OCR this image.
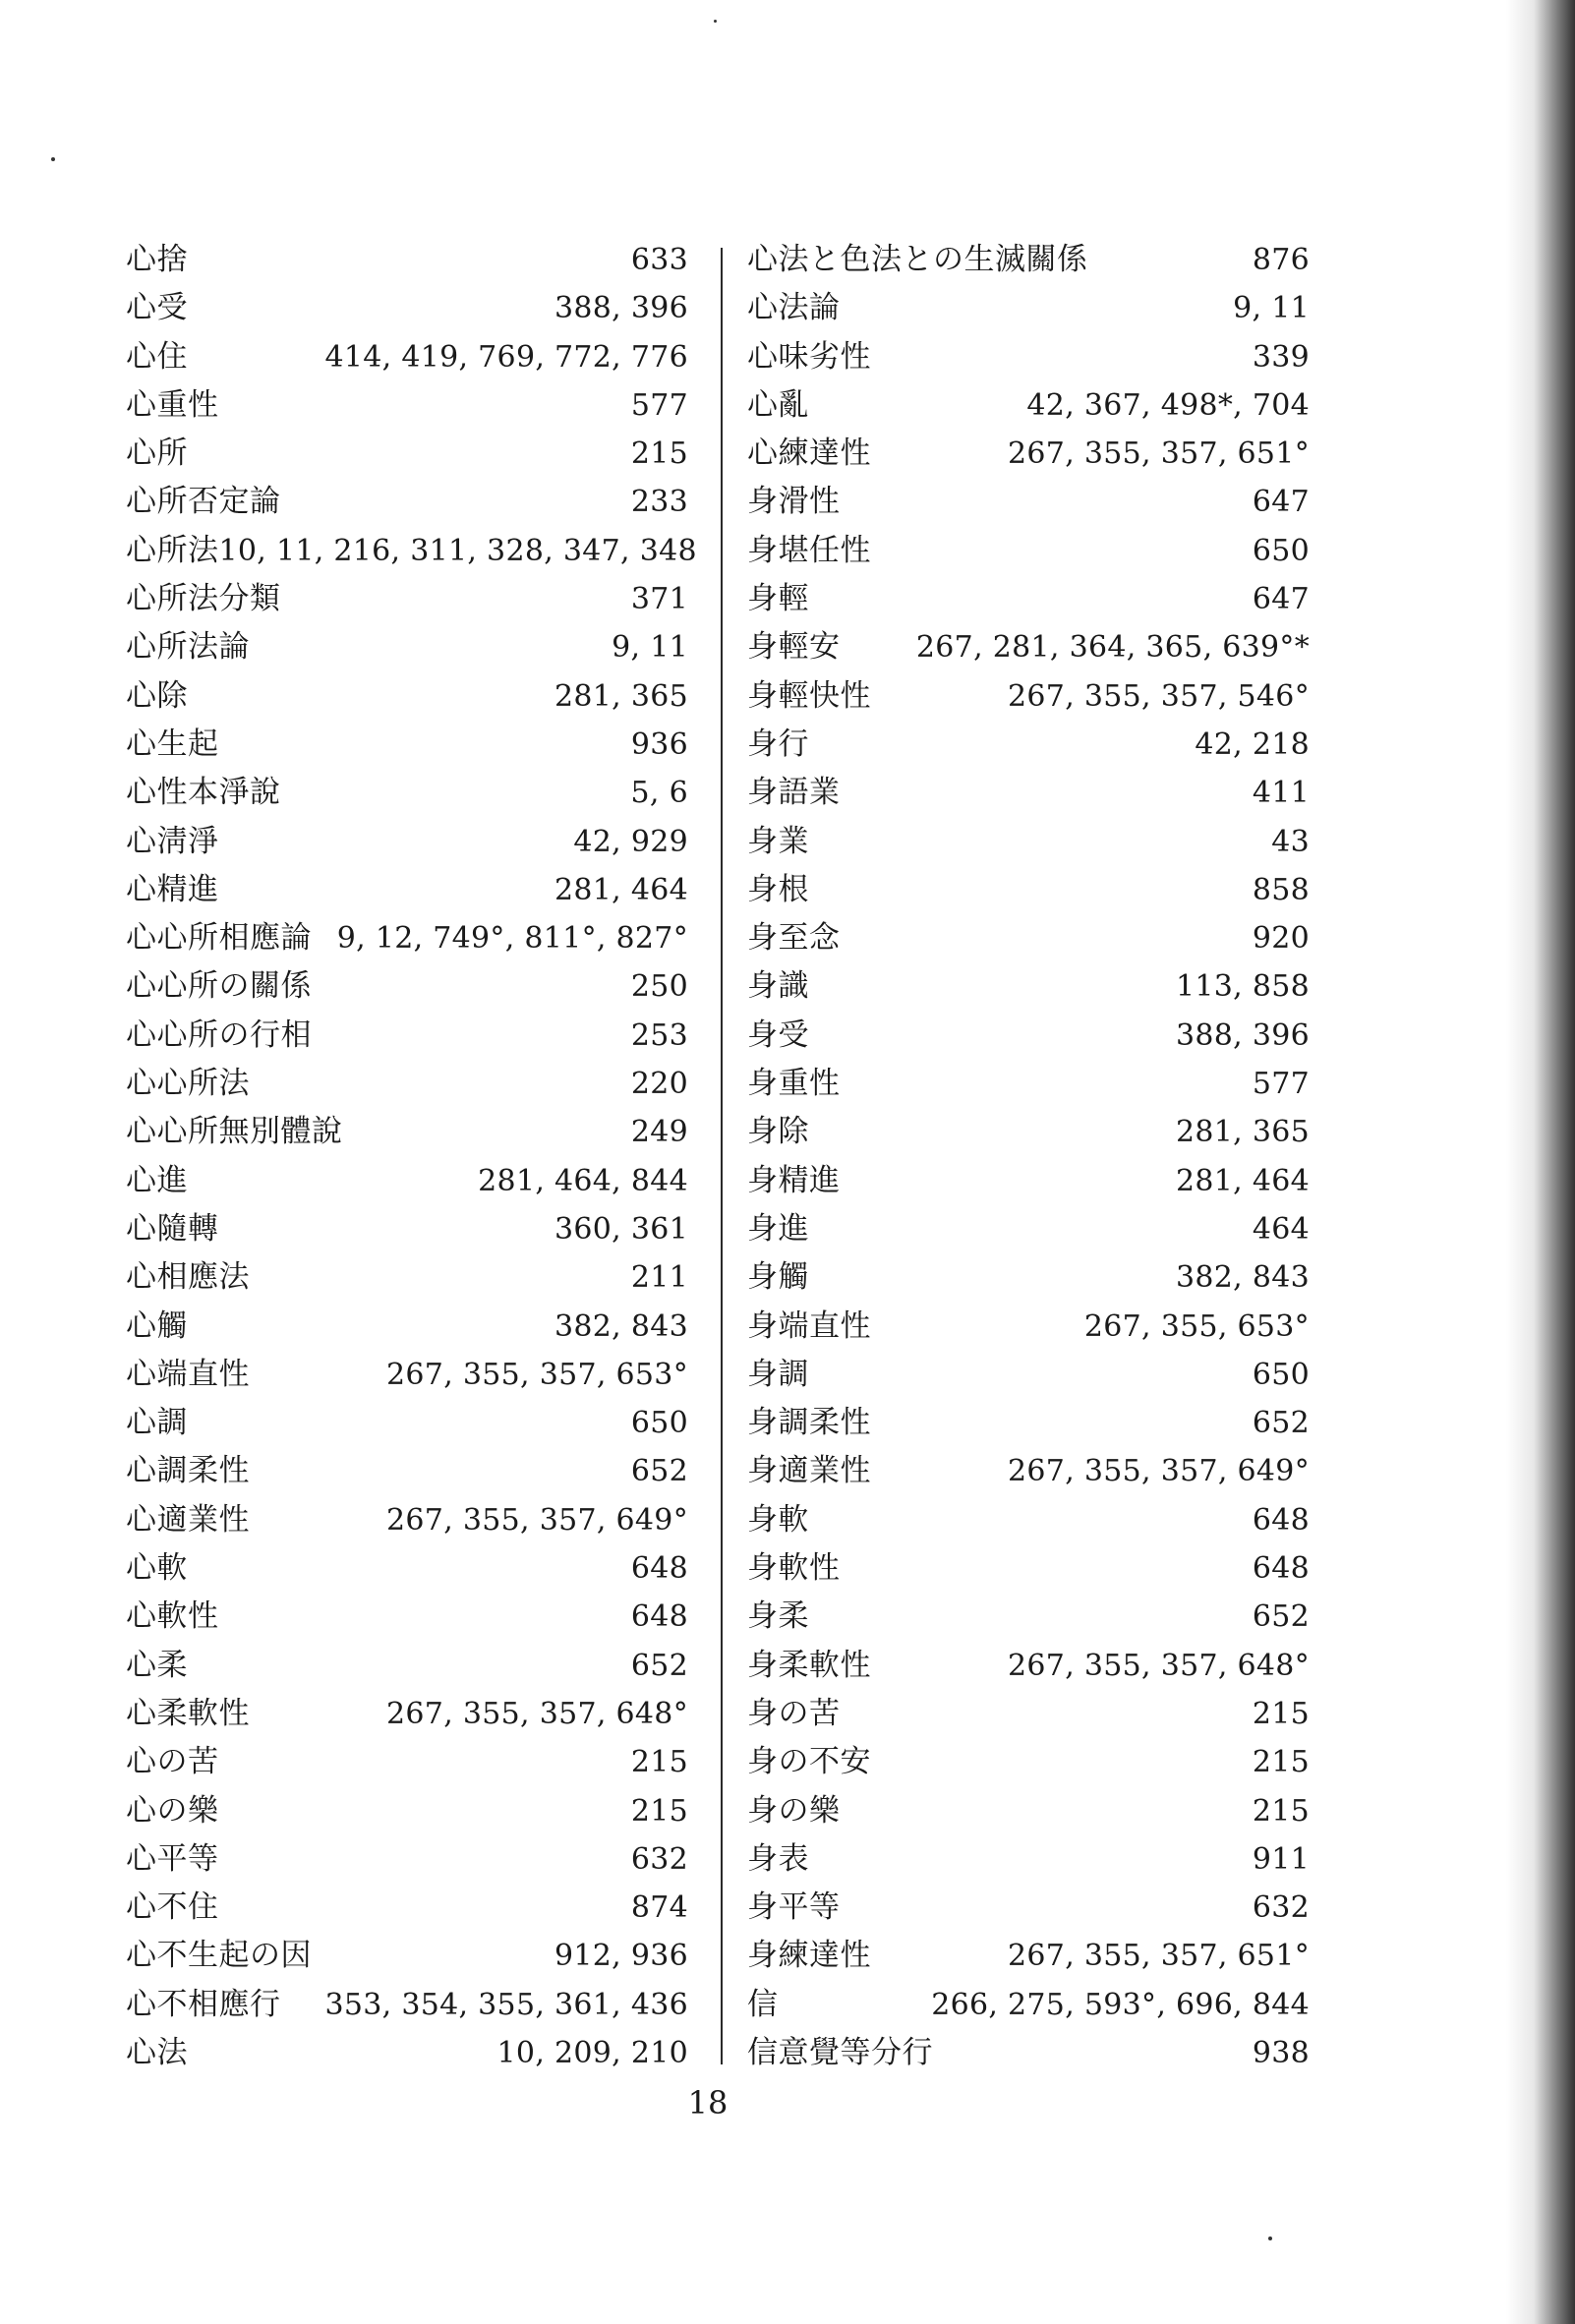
心捨	633
心受	388, 396
心住	414, 419, 769, 772, 776
心重性	577
心所	215
心所否定論	233
心所法 10, 11, 216, 311, 328, 347, 348
心所法分類	371
心所法論	9, 11
心除	281, 365
心生起	936
心性本淨說	5, 6
心淸淨	42, 929
心精進	281, 464
心心所相應論 9, 12, 749°, 811°, 827°
心心所の關係	250
心心所の行相	253
心心所法	220
心心所無別體說	249
心進	281, 464, 844
心隨轉	360, 361
心相應法	211
心觸	382, 843
心端直性	267, 355, 357, 653°
心調	650
心調柔性	652
心適業性	267, 355, 357, 649°
心軟	648
心軟性	648
心柔	652
心柔軟性	267, 355, 357, 648°
心の苦	215
心の樂	215
心平等	632
心不住	874
心不生起の因	912, 936
心不相應行 353, 354, 355, 361, 436
心法	10, 209, 210
心法と色法との生滅關係	876
心法論	9, 11
心味劣性	339
心亂	42, 367, 498*, 704
心練達性	267, 355, 357, 651°
身滑性	647
身堪任性	650
身輕	647
身輕安	267, 281, 364, 365, 639°*
身輕快性	267, 355, 357, 546°
身行	42, 218
身語業	411
身業	43
身根	858
身至念	920
身識	113, 858
身受	388, 396
身重性	577
身除	281, 365
身精進	281, 464
身進	464
身觸	382, 843
身端直性	267, 355, 653°
身調	650
身調柔性	652
身適業性	267, 355, 357, 649°
身軟	648
身軟性	648
身柔	652
身柔軟性	267, 355, 357, 648°
身の苦	215
身の不安	215
身の樂	215
身表	911
身平等	632
身練達性	267, 355, 357, 651°
信	266, 275, 593°, 696, 844
信意覺等分行	938
18
